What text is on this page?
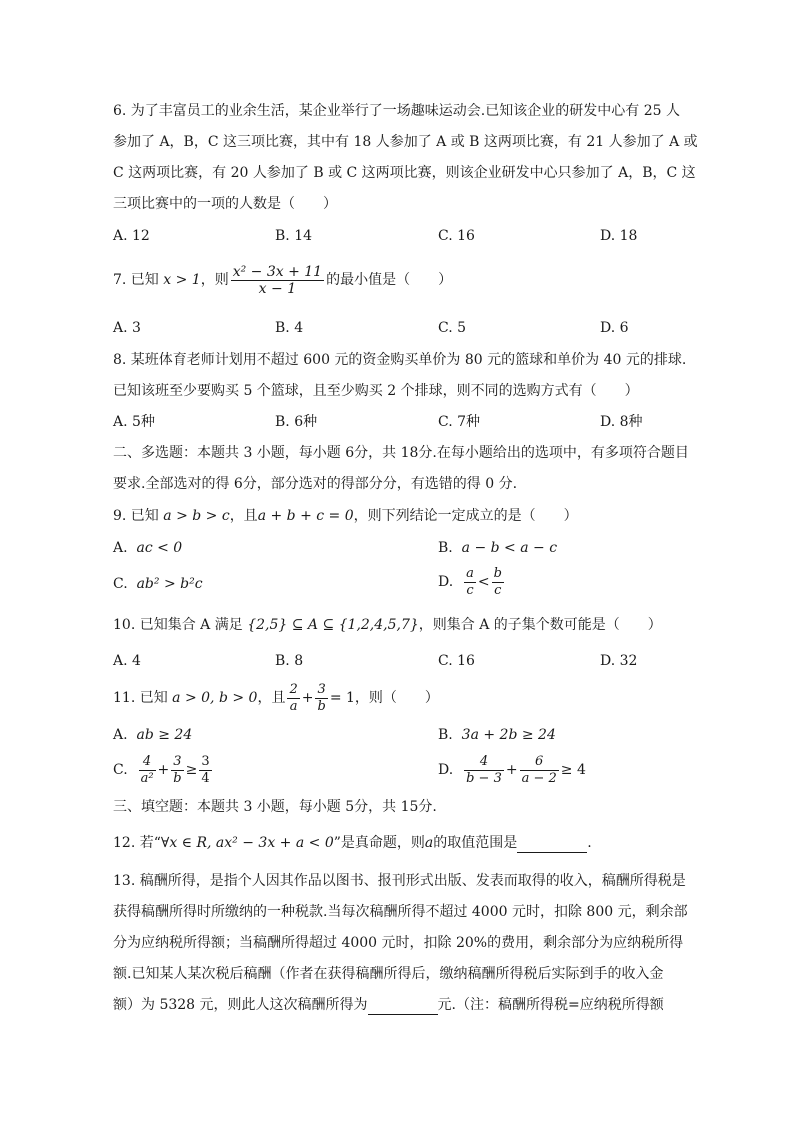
6. 为了丰富员工的业余生活，某企业举行了一场趣味运动会.已知该企业的研发中心有 25 人
参加了 A，B，C 这三项比赛，其中有 18 人参加了 A 或 B 这两项比赛，有 21 人参加了 A 或
C 这两项比赛，有 20 人参加了 B 或 C 这两项比赛，则该企业研发中心只参加了 A，B，C 这
三项比赛中的一项的人数是（　　）
A. 12	B. 14	C. 16	D. 18
7. 已知 x > 1，则 $\frac{\text{x² − 3x + 11}}{x - 1}$ 的最小值是（　　）
A. 3	B. 4	C. 5	D. 6
8. 某班体育老师计划用不超过 600 元的资金购买单价为 80 元的篮球和单价为 40 元的排球.
已知该班至少要购买 5 个篮球，且至少购买 2 个排球，则不同的选购方式有（　　）
A. 5种	B. 6种	C. 7种	D. 8种
二、多选题：本题共 3 小题，每小题 6分，共 18分.在每小题给出的选项中，有多项符合题目
要求.全部选对的得 6分，部分选对的得部分分，有选错的得 0 分.
9. 已知 a > b > c，且a + b + c = 0，则下列结论一定成立的是（　　）
A. ac < 0	B. a − b < a − c
C. ab² > b²c	D. $\frac{a}{c} < \frac{b}{c}$
10. 已知集合 A 满足 {2,5} ⊆ A ⊆ {1,2,4,5,7}，则集合 A 的子集个数可能是（　　）
A. 4	B. 8	C. 16	D. 32
11. 已知 a > 0, b > 0，且 $\frac{2}{a} + \frac{3}{b} = 1$，则（　　）
A. ab ≥ 24	B. 3a + 2b ≥ 24
C. $\frac{4}{\text{a²}} + \frac{3}{b} \ge \frac{3}{4}$	D. $\frac{4}{b - 3} + \frac{6}{a - 2} \ge 4$
三、填空题：本题共 3 小题，每小题 5分，共 15分.
12. 若“∀x ∈ R, ax² − 3x + a < 0”是真命题，则a的取值范围是	.
13. 稿酬所得，是指个人因其作品以图书、报刊形式出版、发表而取得的收入，稿酬所得税是
获得稿酬所得时所缴纳的一种税款.当每次稿酬所得不超过 4000 元时，扣除 800 元，剩余部
分为应纳税所得额；当稿酬所得超过 4000 元时，扣除 20%的费用，剩余部分为应纳税所得
额.已知某人某次税后稿酬（作者在获得稿酬所得后，缴纳稿酬所得税后实际到手的收入金
额）为 5328 元，则此人这次稿酬所得为	元.（注：稿酬所得税=应纳税所得额
